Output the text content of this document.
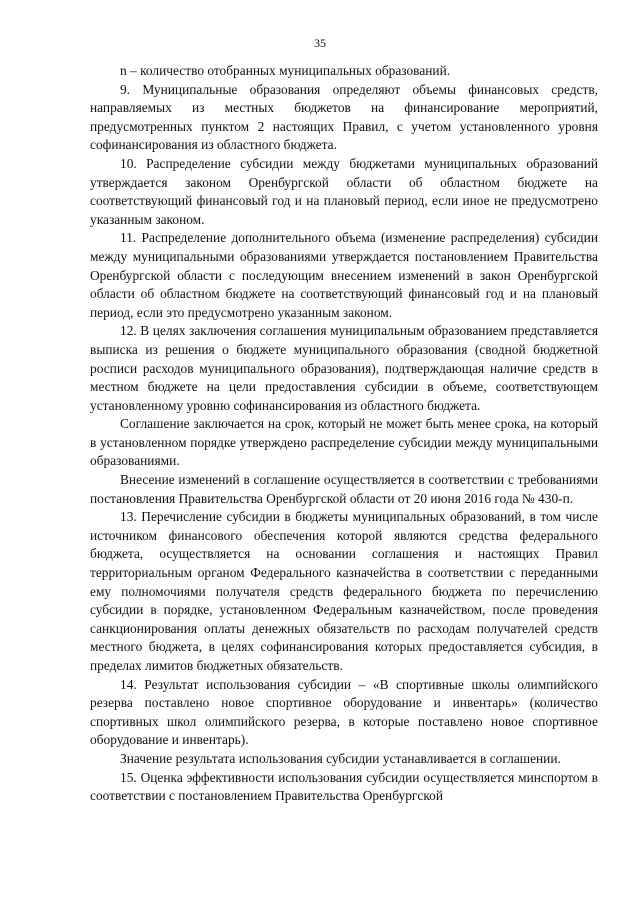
35

n – количество отобранных муниципальных образований.

9. Муниципальные образования определяют объемы финансовых средств, направляемых из местных бюджетов на финансирование мероприятий, предусмотренных пунктом 2 настоящих Правил, с учетом установленного уровня софинансирования из областного бюджета.

10. Распределение субсидии между бюджетами муниципальных образований утверждается законом Оренбургской области об областном бюджете на соответствующий финансовый год и на плановый период, если иное не предусмотрено указанным законом.

11. Распределение дополнительного объема (изменение распределения) субсидии между муниципальными образованиями утверждается постановлением Правительства Оренбургской области с последующим внесением изменений в закон Оренбургской области об областном бюджете на соответствующий финансовый год и на плановый период, если это предусмотрено указанным законом.

12. В целях заключения соглашения муниципальным образованием представляется выписка из решения о бюджете муниципального образования (сводной бюджетной росписи расходов муниципального образования), подтверждающая наличие средств в местном бюджете на цели предоставления субсидии в объеме, соответствующем установленному уровню софинансирования из областного бюджета.

Соглашение заключается на срок, который не может быть менее срока, на который в установленном порядке утверждено распределение субсидии между муниципальными образованиями.

Внесение изменений в соглашение осуществляется в соответствии с требованиями постановления Правительства Оренбургской области от 20 июня 2016 года № 430-п.

13. Перечисление субсидии в бюджеты муниципальных образований, в том числе источником финансового обеспечения которой являются средства федерального бюджета, осуществляется на основании соглашения и настоящих Правил территориальным органом Федерального казначейства в соответствии с переданными ему полномочиями получателя средств федерального бюджета по перечислению субсидии в порядке, установленном Федеральным казначейством, после проведения санкционирования оплаты денежных обязательств по расходам получателей средств местного бюджета, в целях софинансирования которых предоставляется субсидия, в пределах лимитов бюджетных обязательств.

14. Результат использования субсидии – «В спортивные школы олимпийского резерва поставлено новое спортивное оборудование и инвентарь» (количество спортивных школ олимпийского резерва, в которые поставлено новое спортивное оборудование и инвентарь).

Значение результата использования субсидии устанавливается в соглашении.

15. Оценка эффективности использования субсидии осуществляется минспортом в соответствии с постановлением Правительства Оренбургской
